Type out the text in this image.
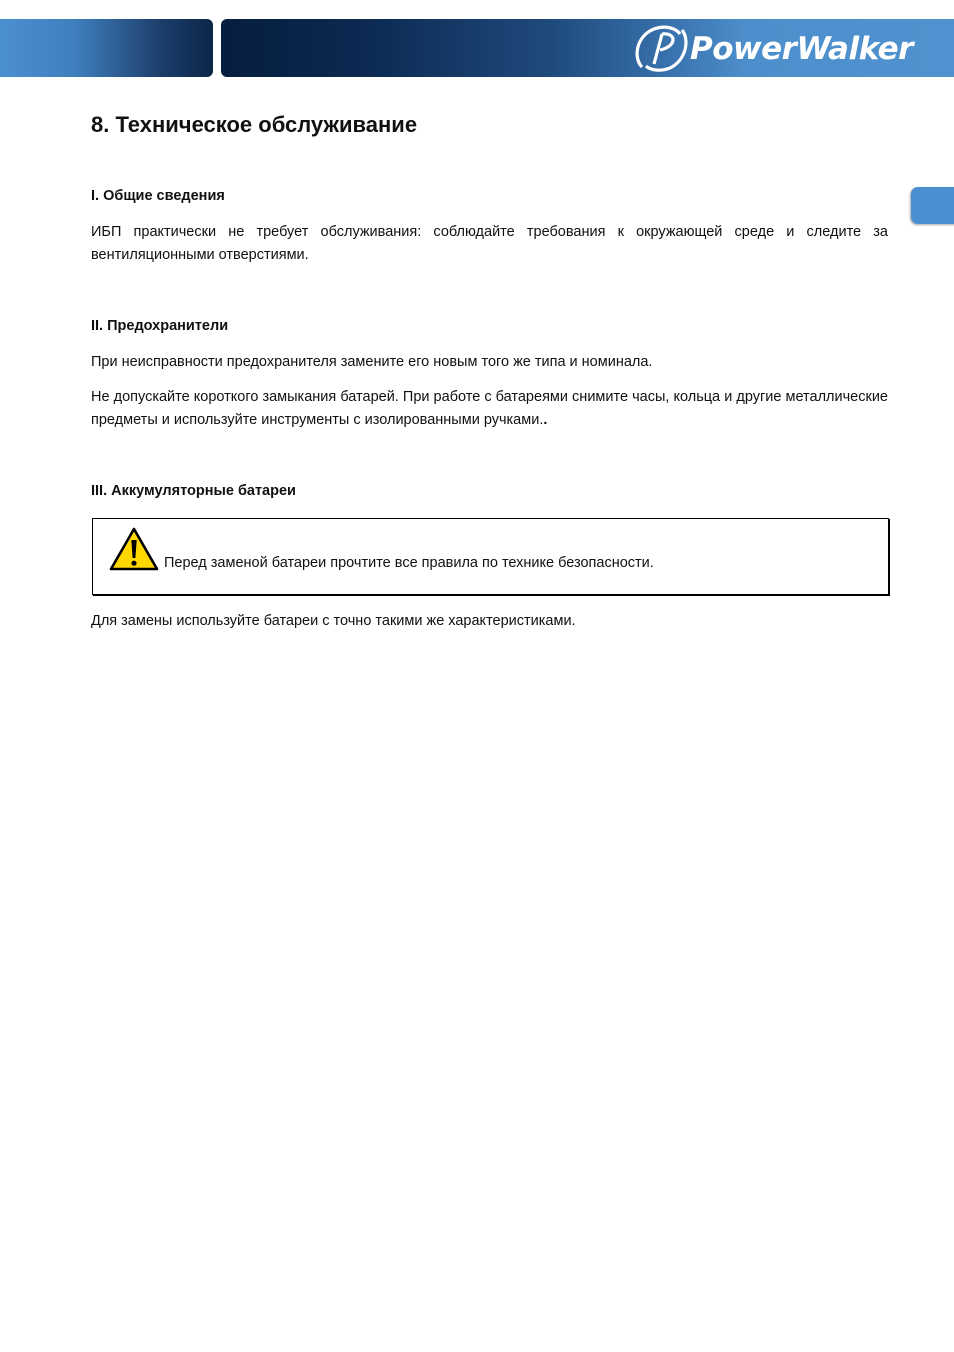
PowerWalker
8. Техническое обслуживание
I. Общие сведения

ИБП практически не требует обслуживания: соблюдайте требования к окружающей среде и следите за вентиляционными отверстиями.

II. Предохранители

При неисправности предохранителя замените его новым того же типа и номинала.

Не допускайте короткого замыкания батарей. При работе с батареями снимите часы, кольца и другие металлические предметы и используйте инструменты с изолированными ручками..

III. Аккумуляторные батареи
Перед заменой батареи прочтите все правила по технике безопасности.

Для замены используйте батареи с точно такими же характеристиками.
